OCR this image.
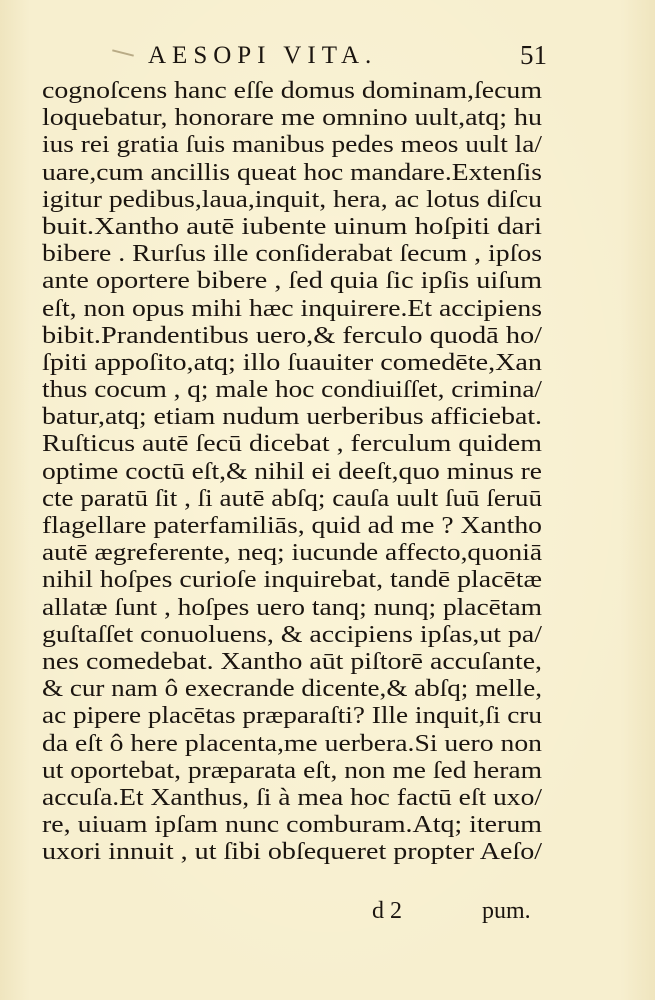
AESOPI VITA.	51
cognoſcens hanc eſſe domus dominam,ſecum
loquebatur, honorare me omnino uult,atq; hu
ius rei gratia ſuis manibus pedes meos uult la/
uare,cum ancillis queat hoc mandare.Extenſis
igitur pedibus,laua,inquit, hera, ac lotus diſcu
buit.Xantho autē iubente uinum hoſpiti dari
bibere . Rurſus ille conſiderabat ſecum , ipſos
ante oportere bibere , ſed quia ſic ipſis uiſum
eſt, non opus mihi hæc inquirere.Et accipiens
bibit.Prandentibus uero,& ferculo quodā ho/
ſpiti appoſito,atq; illo ſuauiter comedēte,Xan
thus cocum , q; male hoc condiuiſſet, crimina/
batur,atq; etiam nudum uerberibus afficiebat.
Ruſticus autē ſecū dicebat , ferculum quidem
optime coctū eſt,& nihil ei deeſt,quo minus re
cte paratū ſit , ſi autē abſq; cauſa uult ſuū ſeruū
flagellare paterfamiliās, quid ad me ? Xantho
autē ægreferente, neq; iucunde affecto,quoniā
nihil hoſpes curioſe inquirebat, tandē placētæ
allatæ ſunt , hoſpes uero tanq; nunq; placētam
guſtaſſet conuoluens, & accipiens ipſas,ut pa/
nes comedebat. Xantho aūt piſtorē accuſante,
& cur nam ô execrande dicente,& abſq; melle,
ac pipere placētas præparaſti? Ille inquit,ſi cru
da eſt ô here placenta,me uerbera.Si uero non
ut oportebat, præparata eſt, non me ſed heram
accuſa.Et Xanthus, ſi à mea hoc factū eſt uxo/
re, uiuam ipſam nunc comburam.Atq; iterum
uxori innuit , ut ſibi obſequeret propter Aeſo/
d 2	pum.
